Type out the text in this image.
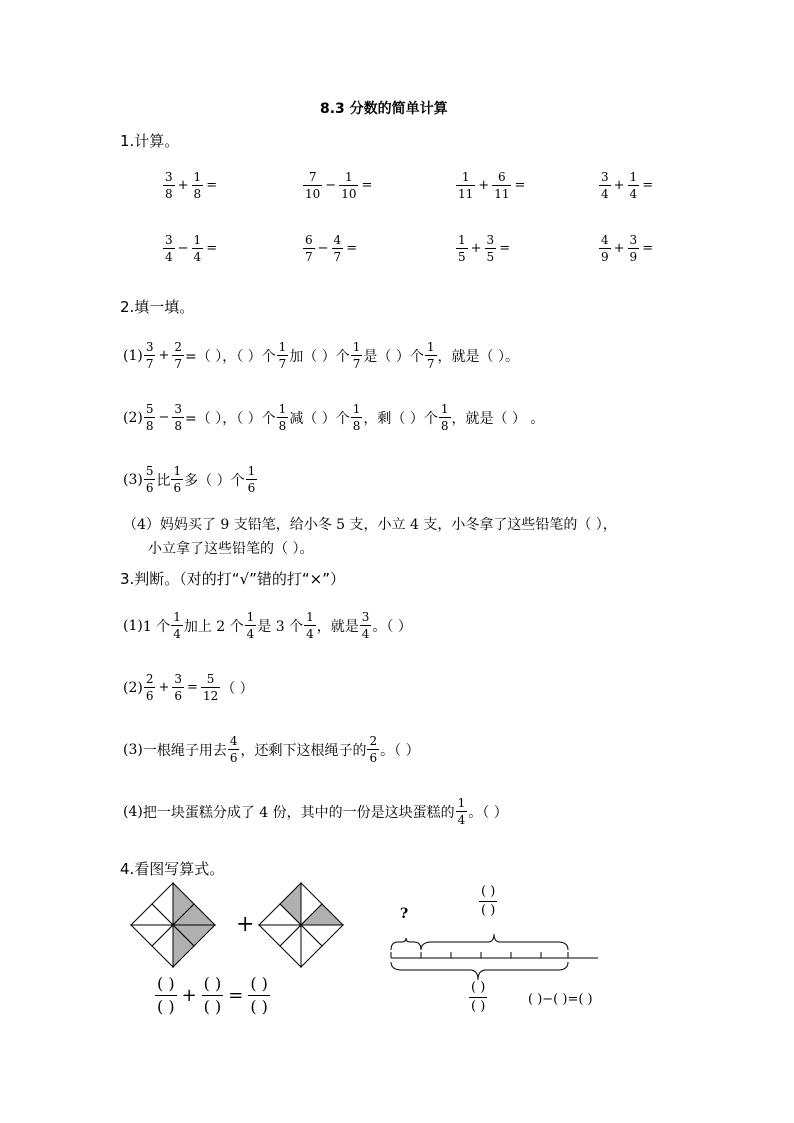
8.3 分数的简单计算
1.计算。
$\frac{3}{8} + \frac{1}{8}$ =	$\frac{7}{10} - \frac{1}{10}$ =	$\frac{1}{11} + \frac{6}{11}$ =	$\frac{3}{4} + \frac{1}{4}$ =
$\frac{3}{4} - \frac{1}{4}$ =	$\frac{6}{7} - \frac{4}{7}$ =	$\frac{1}{5} + \frac{3}{5}$ =	$\frac{4}{9} + \frac{3}{9}$ =
2.填一填。
$(1) \frac{3}{7} + \frac{2}{7}$ =（ ），（ ）个 $\frac{1}{7}$ 加（ ）个 $\frac{1}{7}$ 是（ ）个 $\frac{1}{7}$ ，就是（ ）。
$(2) \frac{5}{8} - \frac{3}{8}$ =（ ），（ ）个 $\frac{1}{8}$ 减（ ）个 $\frac{1}{8}$ ，剩（ ）个 $\frac{1}{8}$ ，就是（ ） 。
$(3) \frac{5}{6}$ 比 $\frac{1}{6}$ 多（ ）个 $\frac{1}{6}$
（4）妈妈买了 9 支铅笔，给小冬 5 支，小立 4 支，小冬拿了这些铅笔的（ ），
小立拿了这些铅笔的（ ）。
3.判断。（对的打“√”错的打“×”）
(1) 1 个 $\frac{1}{4}$ 加上 2 个 $\frac{1}{4}$ 是 3 个 $\frac{1}{4}$ ，就是 $\frac{3}{4}$ 。（ ）
$(2) \frac{2}{6} + \frac{3}{6} = \frac{5}{12}$ （ ）
(3) 一根绳子用去 $\frac{4}{6}$ ，还剩下这根绳子的 $\frac{2}{6}$ 。（ ）
(4) 把一块蛋糕分成了 4 份，其中的一份是这块蛋糕的 $\frac{1}{4}$ 。（ ）
4.看图写算式。
+
$\frac{( )}{( )} + \frac{( )}{( )} = \frac{( )}{( )}$
?	$\frac{( )}{( )}$
$\frac{( )}{( )}$	( )−( )=( )
